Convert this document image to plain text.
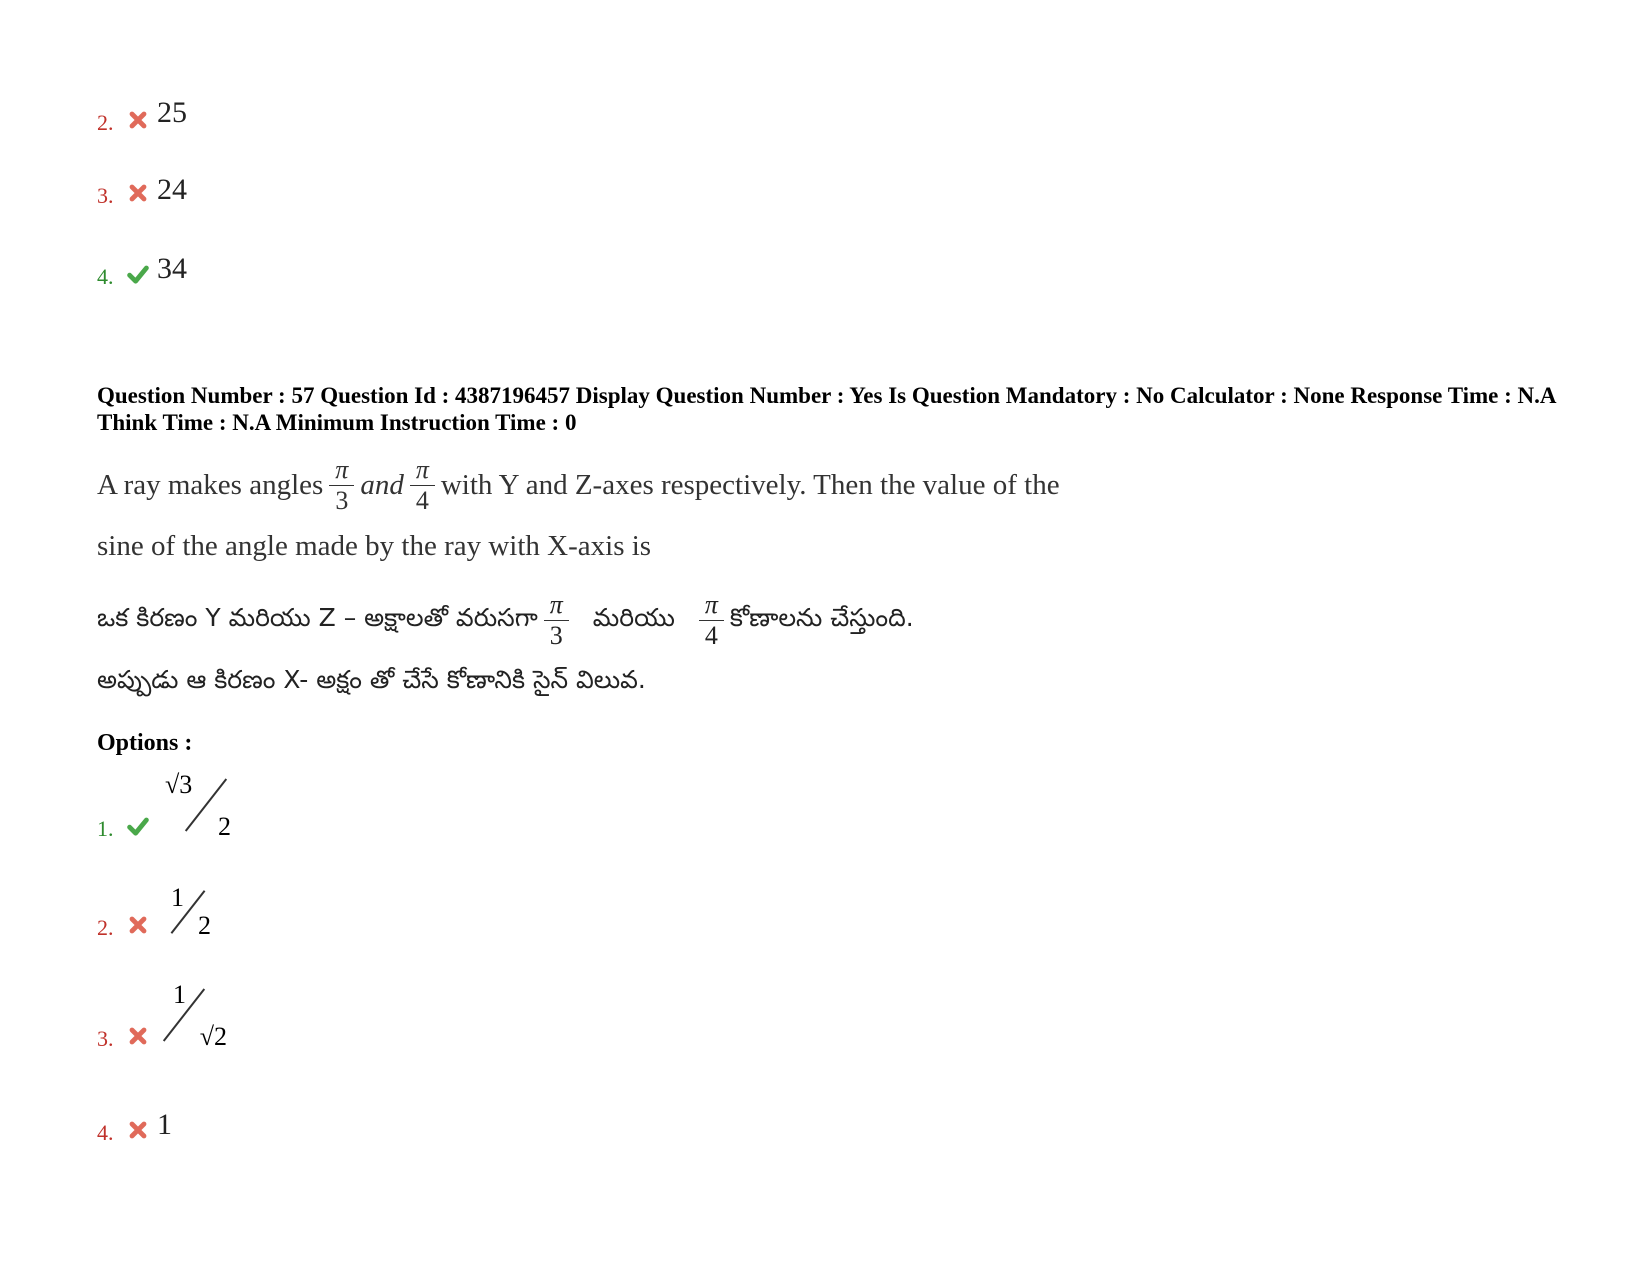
2.	25
3.	24
4.	34
Question Number : 57 Question Id : 4387196457 Display Question Number : Yes Is Question Mandatory : No Calculator : None Response Time : N.A Think Time : N.A Minimum Instruction Time : 0
A ray makes angles $\frac{\pi}{3}$ and $\frac{\pi}{4}$ with Y and Z-axes respectively. Then the value of the
sine of the angle made by the ray with X-axis is
ఒక కిరణం Y మరియు Z – అక్షాలతో వరుసగా $\frac{\pi}{3}$ మరియు $\frac{\pi}{4}$ కోణాలను చేస్తుంది.
అప్పుడు ఆ కిరణం X- అక్షం తో చేసే కోణానికి సైన్ విలువ.
Options :
1.
√3
2
2.
1
2
3.
1
√2
4.	1
